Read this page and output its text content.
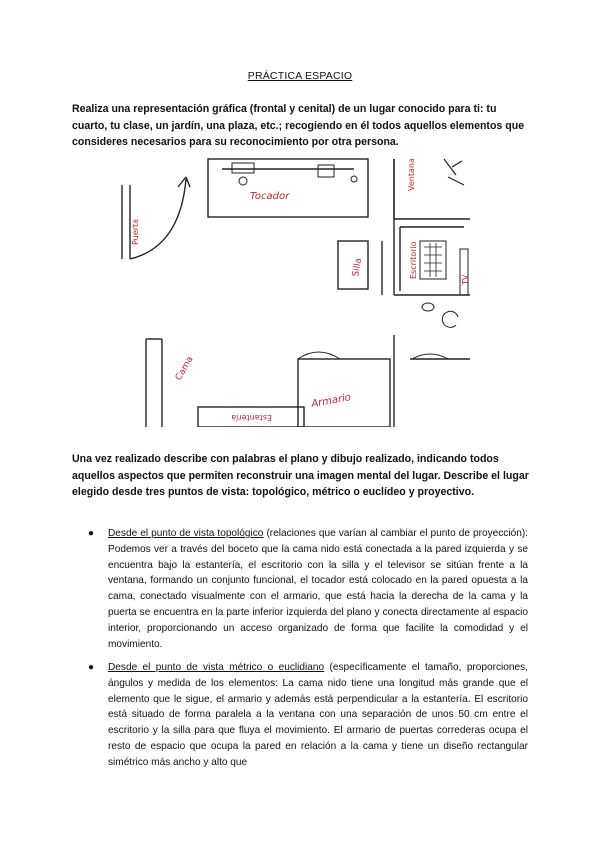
PRÁCTICA ESPACIO
Realiza una representación gráfica (frontal y cenital) de un lugar conocido para ti: tu cuarto, tu clase, un jardín, una plaza, etc.; recogiendo en él todos aquellos elementos que consideres necesarios para su reconocimiento por otra persona.
Tocador
Silla	Escritorio
Cama
Armario
Estantería
Puerta
Ventana
TV
Una vez realizado describe con palabras el plano y dibujo realizado, indicando todos aquellos aspectos que permiten reconstruir una imagen mental del lugar. Describe el lugar elegido desde tres puntos de vista: topológico, métrico o euclídeo y proyectivo.
● Desde el punto de vista topológico (relaciones que varían al cambiar el punto de proyección): Podemos ver a través del boceto que la cama nido está conectada a la pared izquierda y se encuentra bajo la estantería, el escritorio con la silla y el televisor se sitúan frente a la ventana, formando un conjunto funcional, el tocador está colocado en la pared opuesta a la cama, conectado visualmente con el armario, que está hacia la derecha de la cama y la puerta se encuentra en la parte inferior izquierda del plano y conecta directamente al espacio interior, proporcionando un acceso organizado de forma que facilite la comodidad y el movimiento.
● Desde el punto de vista métrico o euclidiano (específicamente el tamaño, proporciones, ángulos y medida de los elementos: La cama nido tiene una longitud más grande que el elemento que le sigue, el armario y además está perpendicular a la estantería. El escritorio está situado de forma paralela a la ventana con una separación de unos 50 cm entre el escritorio y la silla para que fluya el movimiento. El armario de puertas correderas ocupa el resto de espacio que ocupa la pared en relación a la cama y tiene un diseño rectangular simétrico más ancho y alto que
